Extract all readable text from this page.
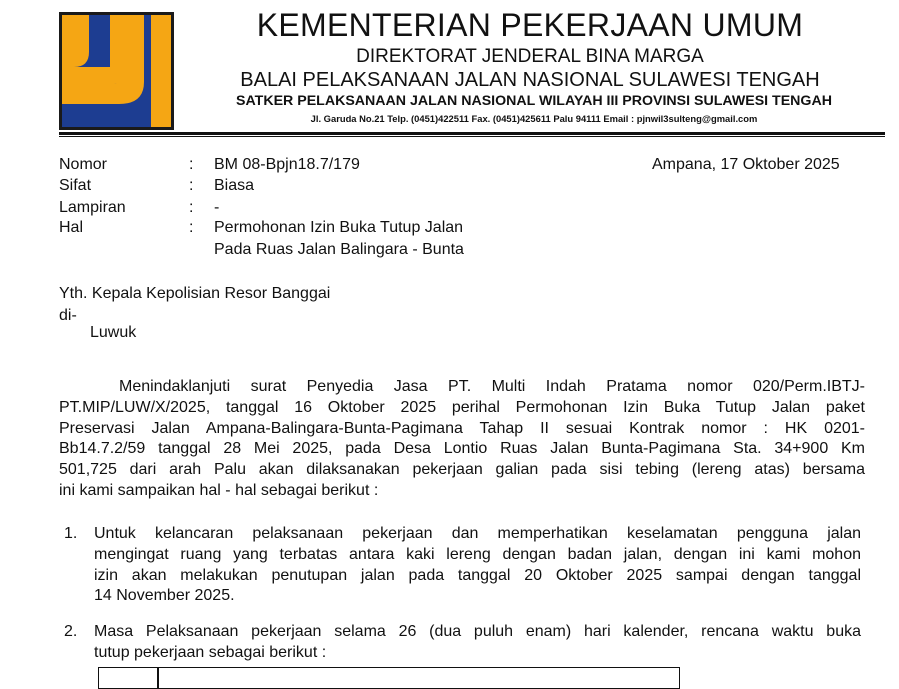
KEMENTERIAN PEKERJAAN UMUM
DIREKTORAT JENDERAL BINA MARGA
BALAI PELAKSANAAN JALAN NASIONAL SULAWESI TENGAH
SATKER PELAKSANAAN JALAN NASIONAL WILAYAH III PROVINSI SULAWESI TENGAH
Jl. Garuda No.21 Telp. (0451)422511 Fax. (0451)425611 Palu 94111 Email : pjnwil3sulteng@gmail.com
Nomor	: BM 08-Bpjn18.7/179	Ampana, 17 Oktober 2025
Sifat	: Biasa
Lampiran	: -
Hal	: Permohonan Izin Buka Tutup Jalan
Pada Ruas Jalan Balingara - Bunta
Yth. Kepala Kepolisian Resor Banggai
di-
Luwuk
Menindaklanjuti surat Penyedia Jasa PT. Multi Indah Pratama nomor 020/Perm.IBTJ-
PT.MIP/LUW/X/2025, tanggal 16 Oktober 2025 perihal Permohonan Izin Buka Tutup Jalan paket
Preservasi Jalan Ampana-Balingara-Bunta-Pagimana Tahap II sesuai Kontrak nomor : HK 0201-
Bb14.7.2/59 tanggal 28 Mei 2025, pada Desa Lontio Ruas Jalan Bunta-Pagimana Sta. 34+900 Km
501,725 dari arah Palu akan dilaksanakan pekerjaan galian pada sisi tebing (lereng atas) bersama
ini kami sampaikan hal - hal sebagai berikut :
1. Untuk kelancaran pelaksanaan pekerjaan dan memperhatikan keselamatan pengguna jalan
mengingat ruang yang terbatas antara kaki lereng dengan badan jalan, dengan ini kami mohon
izin akan melakukan penutupan jalan pada tanggal 20 Oktober 2025 sampai dengan tanggal
14 November 2025.
2. Masa Pelaksanaan pekerjaan selama 26 (dua puluh enam) hari kalender, rencana waktu buka
tutup pekerjaan sebagai berikut :
